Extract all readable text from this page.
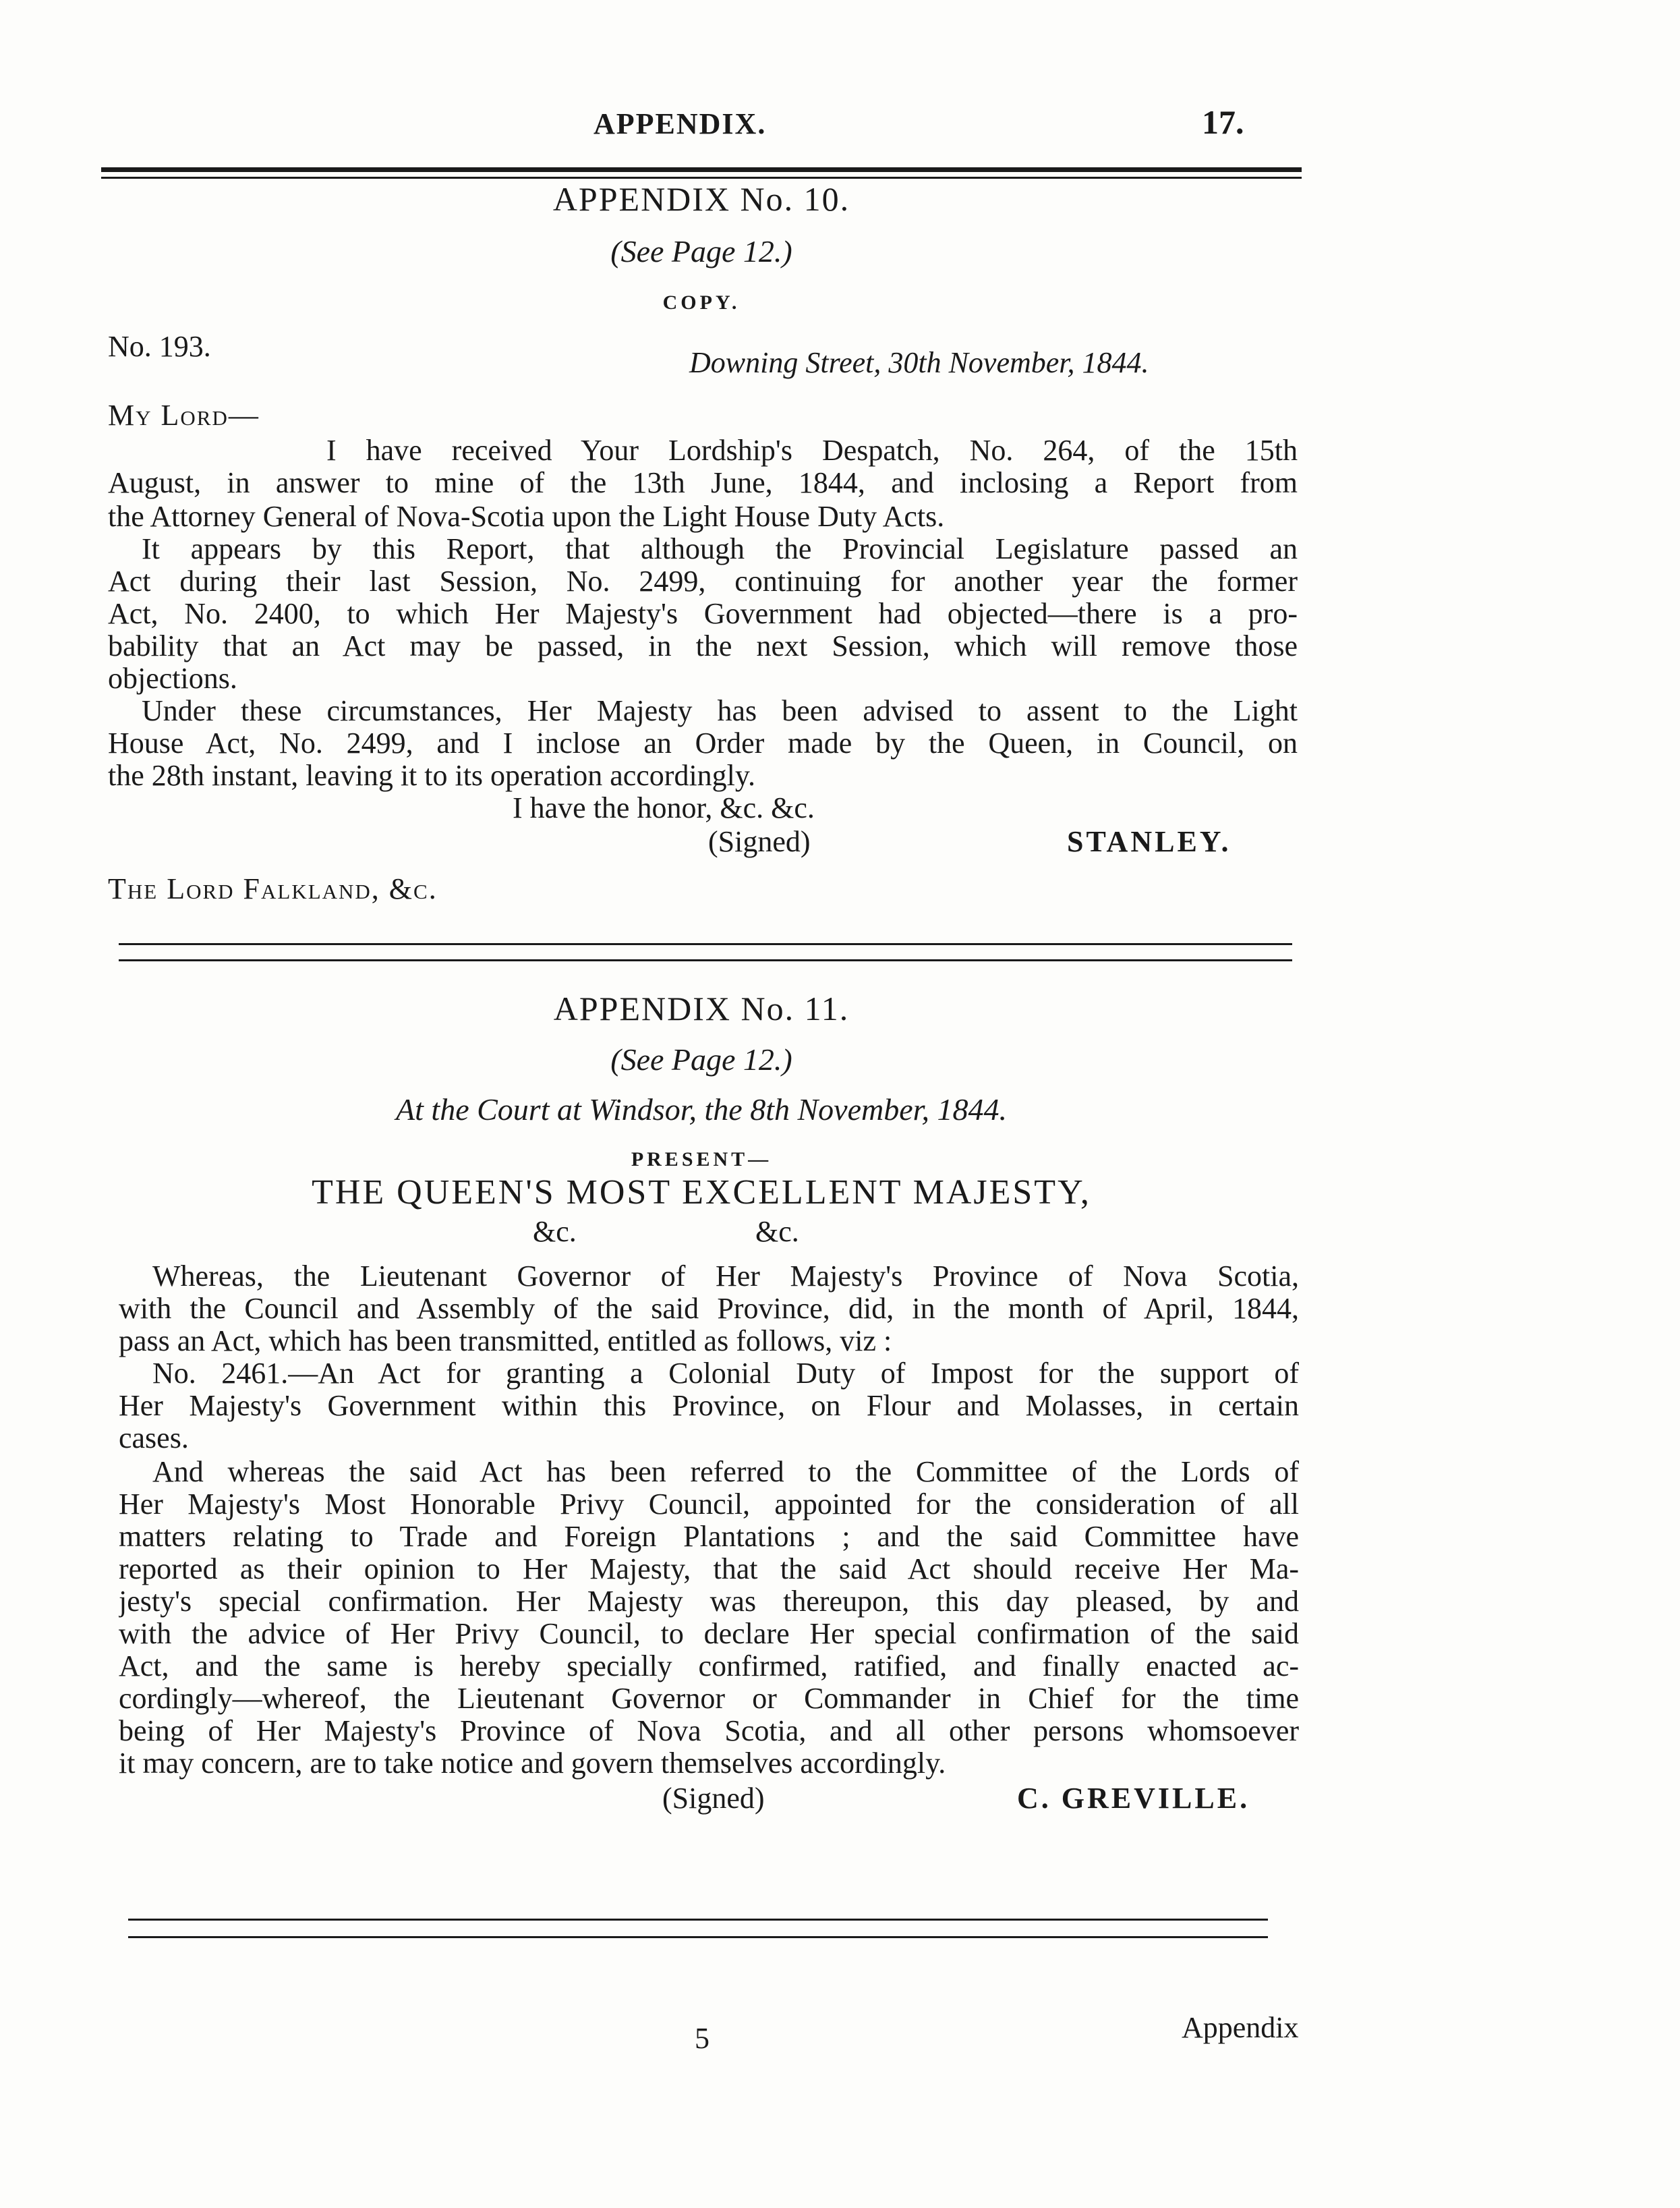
APPENDIX.	17.
APPENDIX No. 10.
(See Page 12.)
COPY.
No. 193.	Downing Street, 30th November, 1844.
My Lord—
I have received Your Lordship's Despatch, No. 264, of the 15th
August, in answer to mine of the 13th June, 1844, and inclosing a Report from
the Attorney General of Nova-Scotia upon the Light House Duty Acts.
It appears by this Report, that although the Provincial Legislature passed an
Act during their last Session, No. 2499, continuing for another year the former
Act, No. 2400, to which Her Majesty's Government had objected—there is a pro-
bability that an Act may be passed, in the next Session, which will remove those
objections.
Under these circumstances, Her Majesty has been advised to assent to the Light
House Act, No. 2499, and I inclose an Order made by the Queen, in Council, on
the 28th instant, leaving it to its operation accordingly.
I have the honor, &c. &c.
(Signed)	STANLEY.
The Lord Falkland, &c.
APPENDIX No. 11.
(See Page 12.)
At the Court at Windsor, the 8th November, 1844.
PRESENT—
THE QUEEN'S MOST EXCELLENT MAJESTY,
&c.	&c.
Whereas, the Lieutenant Governor of Her Majesty's Province of Nova Scotia,
with the Council and Assembly of the said Province, did, in the month of April, 1844,
pass an Act, which has been transmitted, entitled as follows, viz :
No. 2461.—An Act for granting a Colonial Duty of Impost for the support of
Her Majesty's Government within this Province, on Flour and Molasses, in certain
cases.
And whereas the said Act has been referred to the Committee of the Lords of
Her Majesty's Most Honorable Privy Council, appointed for the consideration of all
matters relating to Trade and Foreign Plantations ; and the said Committee have
reported as their opinion to Her Majesty, that the said Act should receive Her Ma-
jesty's special confirmation. Her Majesty was thereupon, this day pleased, by and
with the advice of Her Privy Council, to declare Her special confirmation of the said
Act, and the same is hereby specially confirmed, ratified, and finally enacted ac-
cordingly—whereof, the Lieutenant Governor or Commander in Chief for the time
being of Her Majesty's Province of Nova Scotia, and all other persons whomsoever
it may concern, are to take notice and govern themselves accordingly.
(Signed)	C. GREVILLE.
5	Appendix
